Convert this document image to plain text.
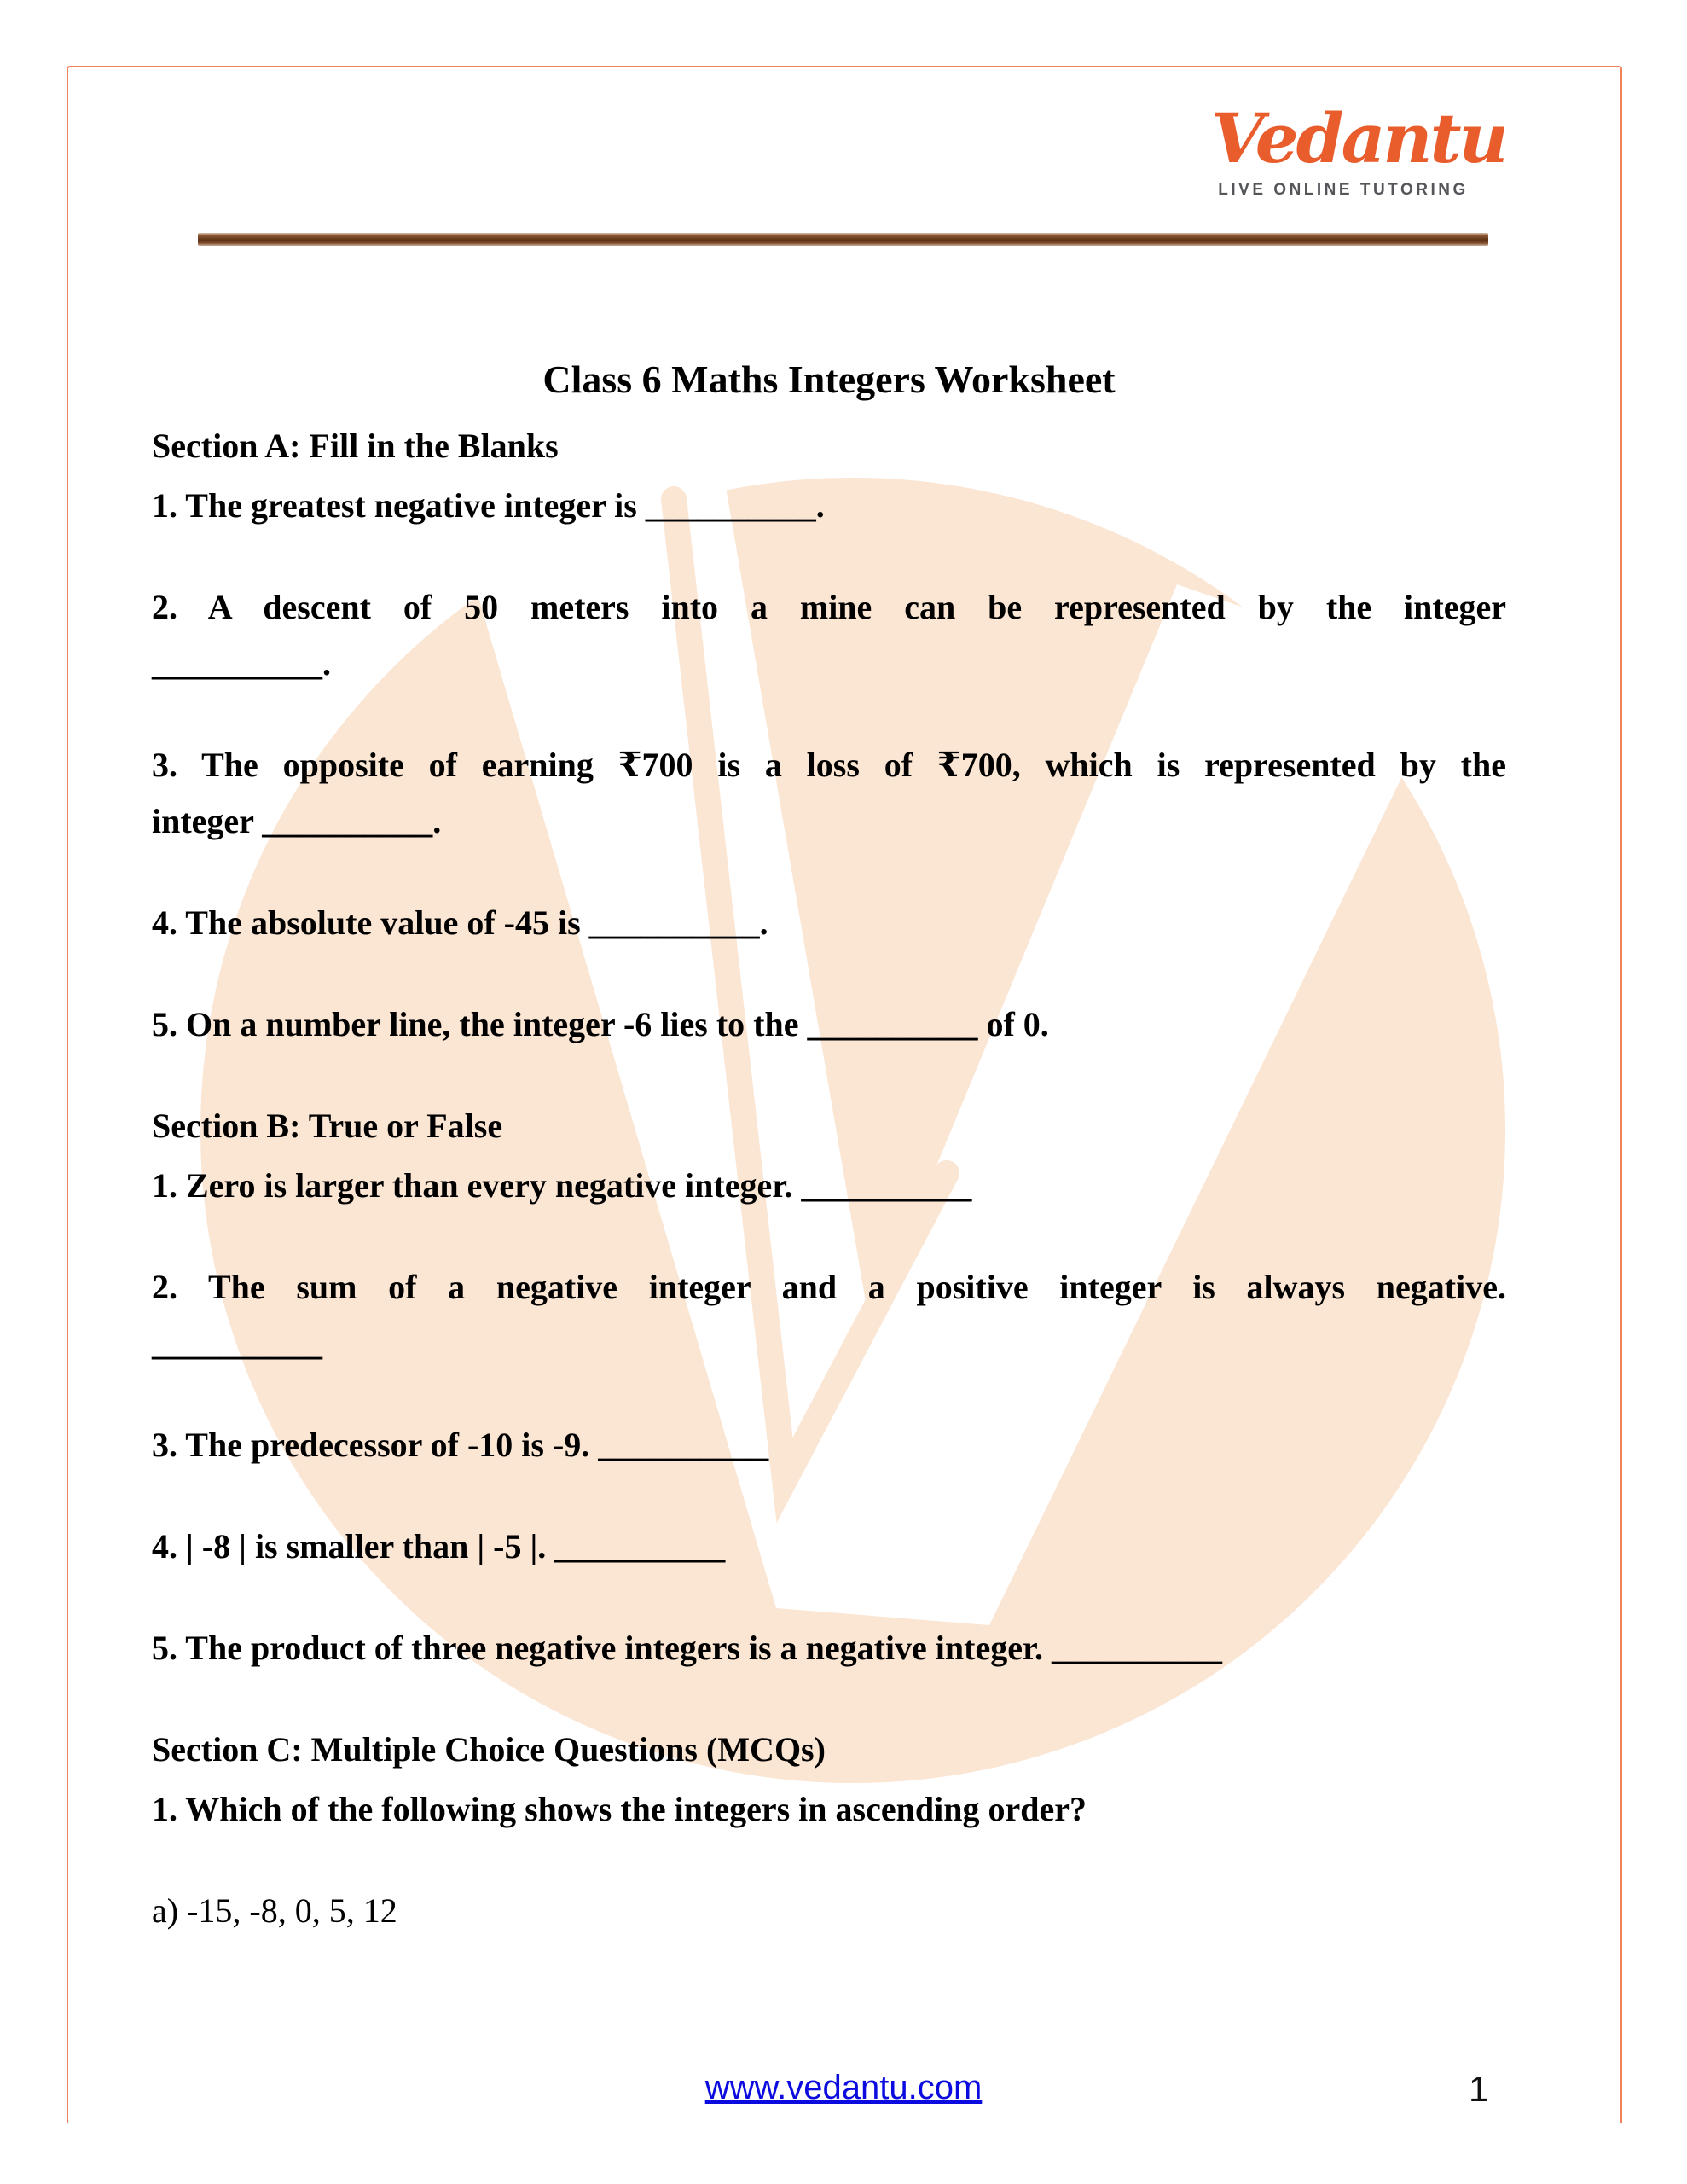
Vedantu
LIVE ONLINE TUTORING
Class 6 Maths Integers Worksheet
Section A: Fill in the Blanks

1. The greatest negative integer is __________.

2. A descent of 50 meters into a mine can be represented by the integer
__________.

3. The opposite of earning ₹700 is a loss of ₹700, which is represented by the
integer __________.

4. The absolute value of -45 is __________.

5. On a number line, the integer -6 lies to the __________ of 0.

Section B: True or False

1. Zero is larger than every negative integer. __________

2. The sum of a negative integer and a positive integer is always negative.
__________

3. The predecessor of -10 is -9. __________

4. | -8 | is smaller than | -5 |. __________

5. The product of three negative integers is a negative integer. __________

Section C: Multiple Choice Questions (MCQs)

1. Which of the following shows the integers in ascending order?

a) -15, -8, 0, 5, 12

www.vedantu.com	1
